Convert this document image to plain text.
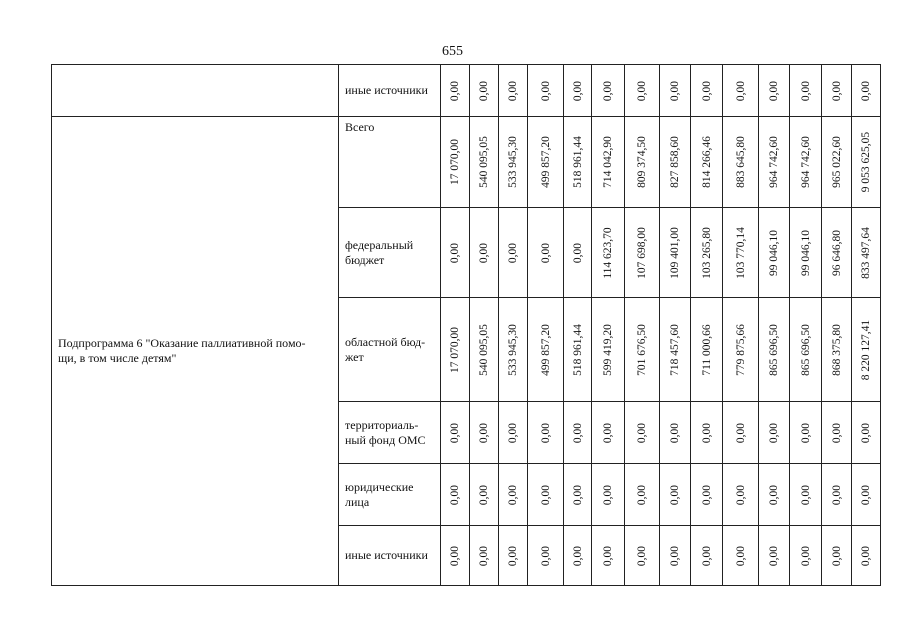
655
	иные источники	0,00	0,00	0,00	0,00	0,00	0,00	0,00	0,00	0,00	0,00	0,00	0,00	0,00	0,00

Подпрограмма 6 "Оказание паллиативной помо-
щи, в том числе детям"	Всего	17 070,00	540 095,05	533 945,30	499 857,20	518 961,44	714 042,90	809 374,50	827 858,60	814 266,46	883 645,80	964 742,60	964 742,60	965 022,60	9 053 625,05

	федеральный
бюджет	0,00	0,00	0,00	0,00	0,00	114 623,70	107 698,00	109 401,00	103 265,80	103 770,14	99 046,10	99 046,10	96 646,80	833 497,64

	областной бюд-
жет	17 070,00	540 095,05	533 945,30	499 857,20	518 961,44	599 419,20	701 676,50	718 457,60	711 000,66	779 875,66	865 696,50	865 696,50	868 375,80	8 220 127,41

	территориаль-
ный фонд ОМС	0,00	0,00	0,00	0,00	0,00	0,00	0,00	0,00	0,00	0,00	0,00	0,00	0,00	0,00

	юридические
лица	0,00	0,00	0,00	0,00	0,00	0,00	0,00	0,00	0,00	0,00	0,00	0,00	0,00	0,00

	иные источники	0,00	0,00	0,00	0,00	0,00	0,00	0,00	0,00	0,00	0,00	0,00	0,00	0,00	0,00
